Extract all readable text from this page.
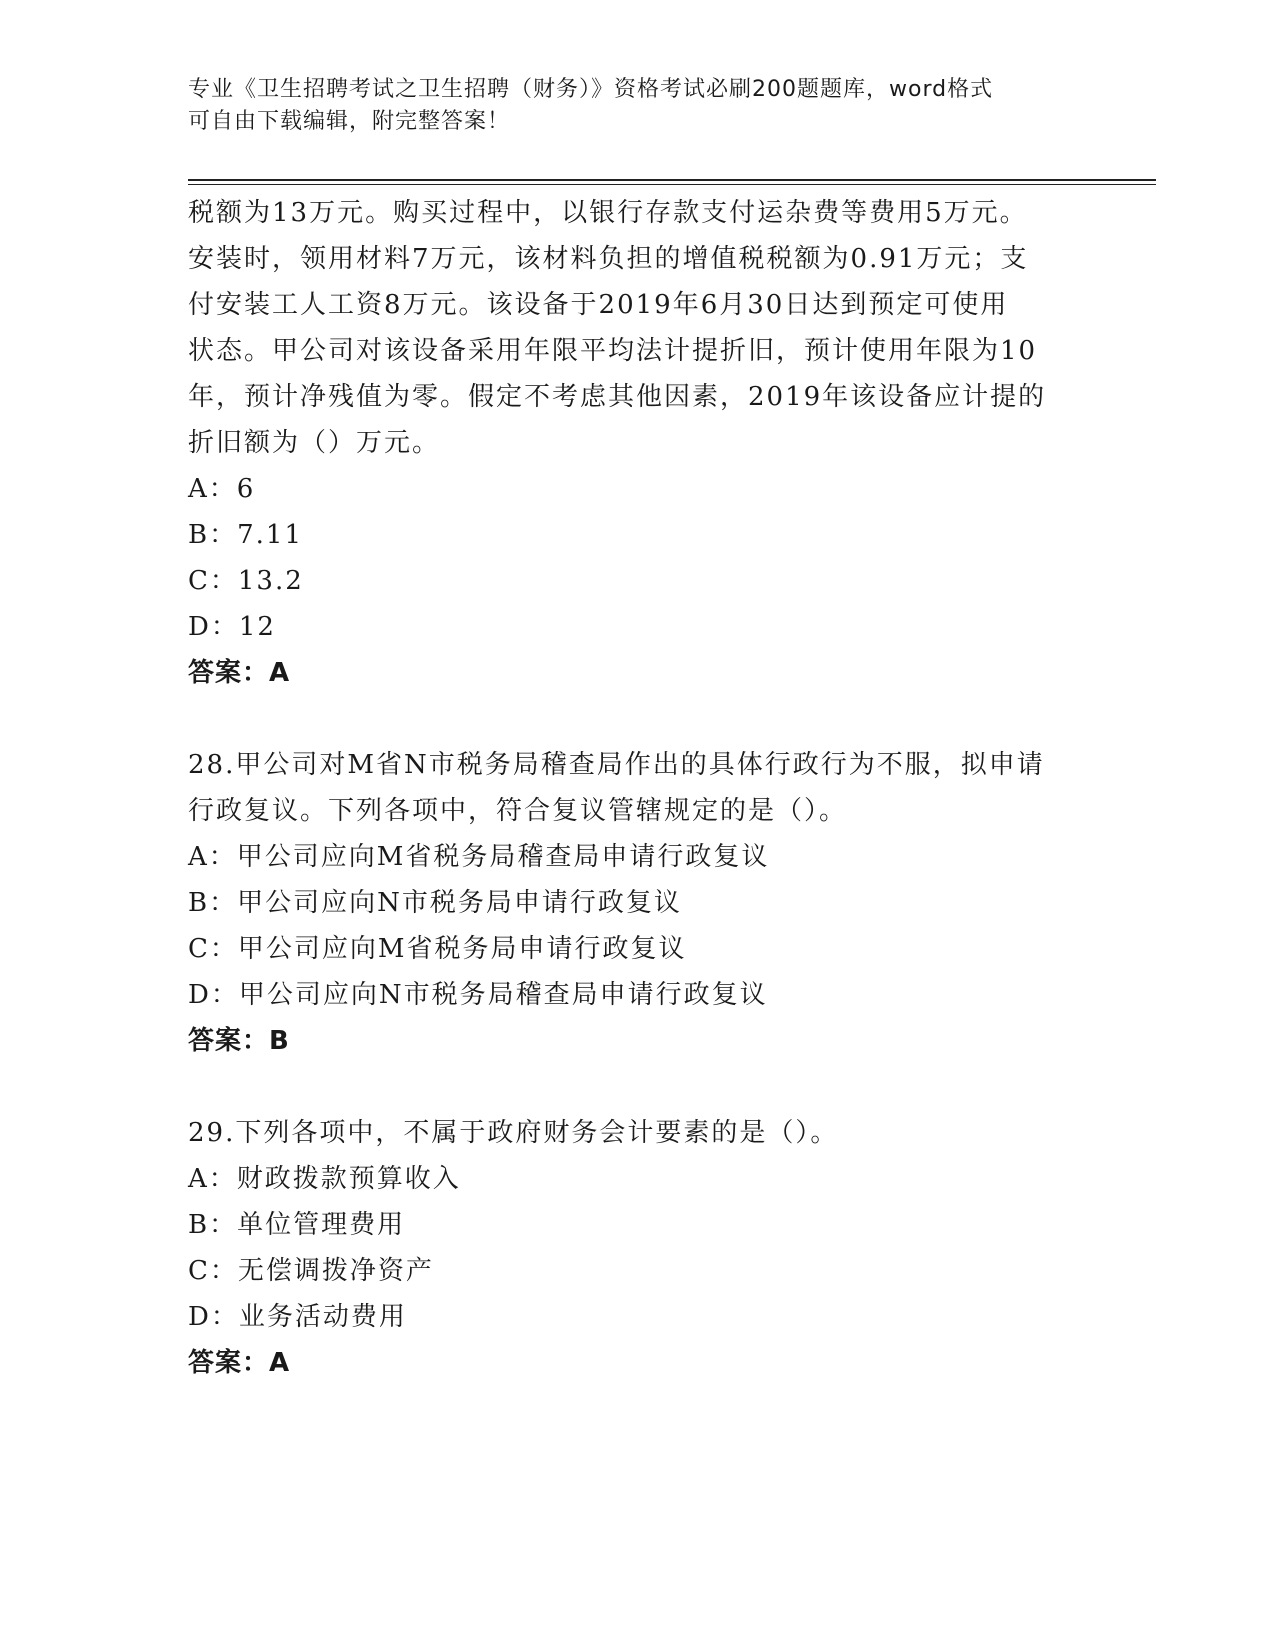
专业《卫生招聘考试之卫生招聘（财务）》资格考试必刷200题题库，word格式
可自由下载编辑，附完整答案！
税额为13万元。购买过程中，以银行存款支付运杂费等费用5万元。
安装时，领用材料7万元，该材料负担的增值税税额为0.91万元；支
付安装工人工资8万元。该设备于2019年6月30日达到预定可使用
状态。甲公司对该设备采用年限平均法计提折旧，预计使用年限为10
年，预计净残值为零。假定不考虑其他因素，2019年该设备应计提的
折旧额为（）万元。
A：6
B：7.11
C：13.2
D：12
答案：A
28.甲公司对M省N市税务局稽查局作出的具体行政行为不服，拟申请
行政复议。下列各项中，符合复议管辖规定的是（）。
A：甲公司应向M省税务局稽查局申请行政复议
B：甲公司应向N市税务局申请行政复议
C：甲公司应向M省税务局申请行政复议
D：甲公司应向N市税务局稽查局申请行政复议
答案：B
29.下列各项中，不属于政府财务会计要素的是（）。
A：财政拨款预算收入
B：单位管理费用
C：无偿调拨净资产
D：业务活动费用
答案：A
